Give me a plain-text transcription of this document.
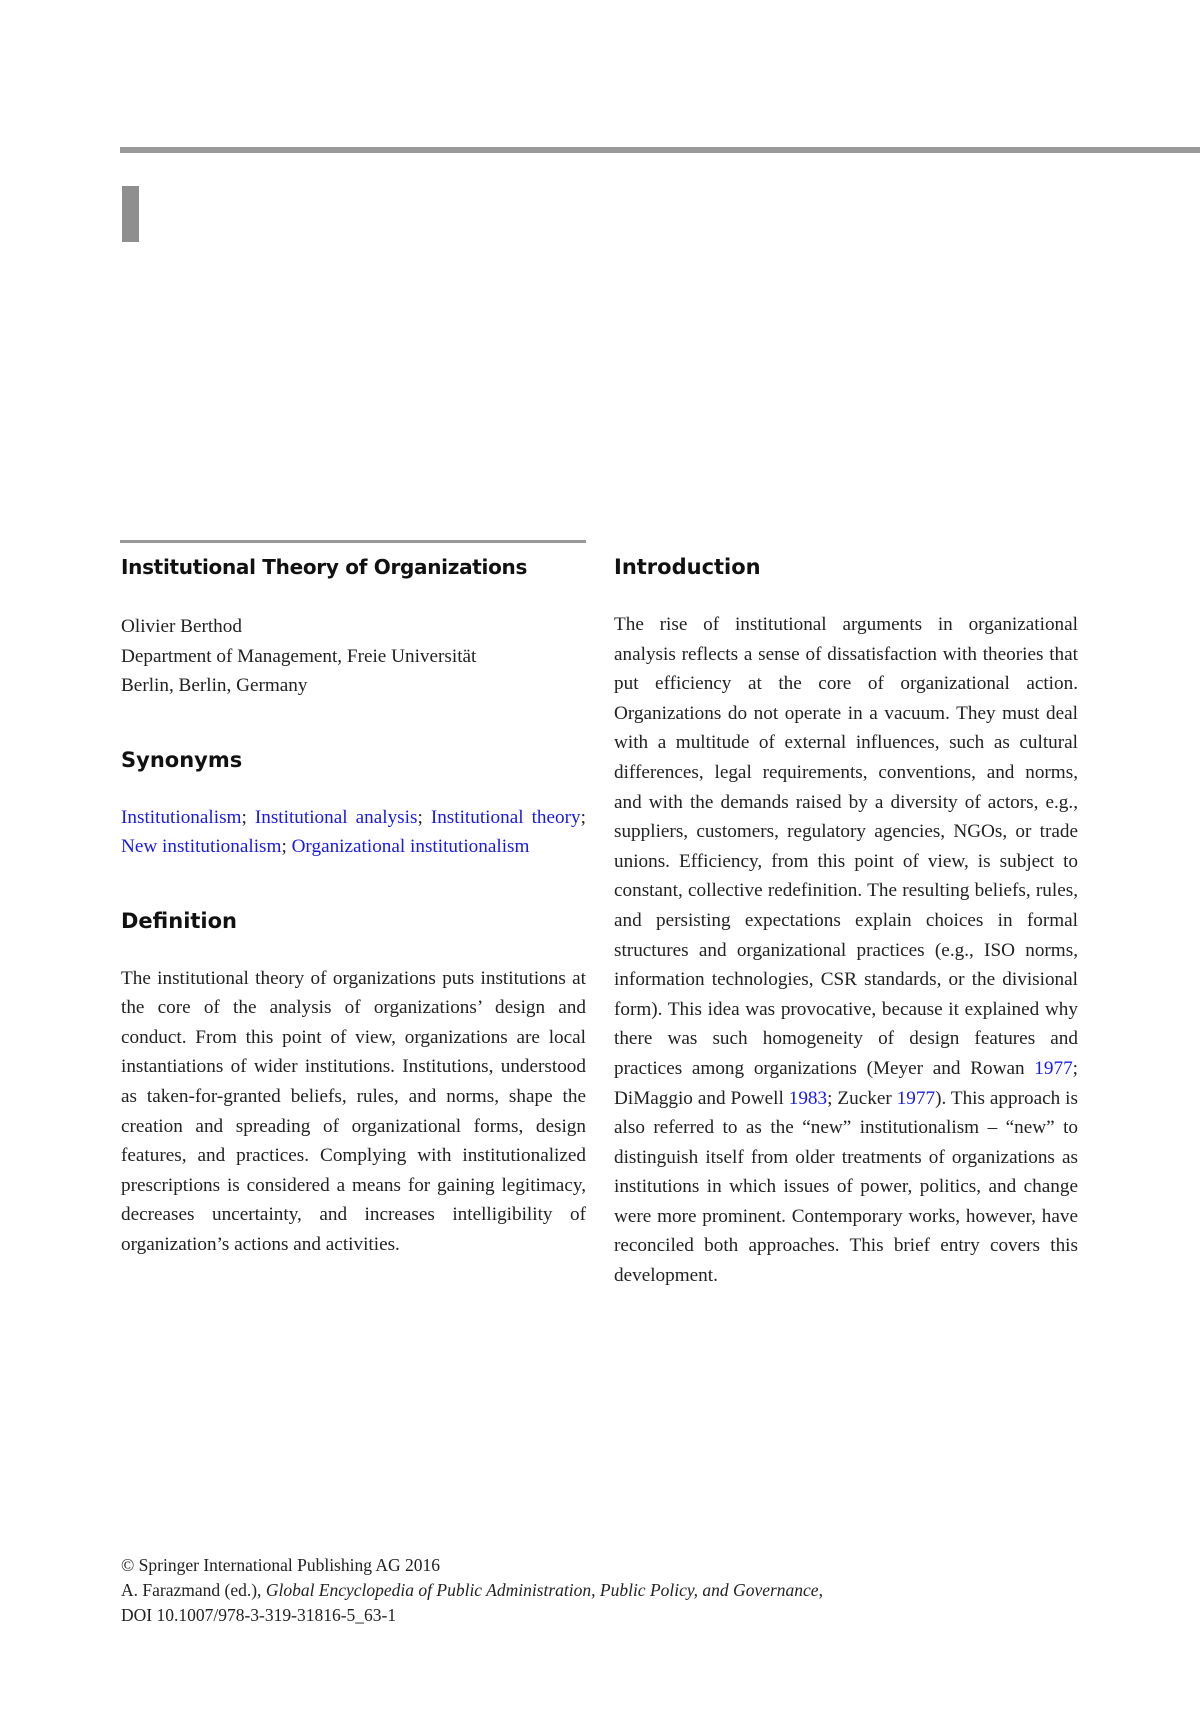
Institutional Theory of Organizations
Olivier Berthod
Department of Management, Freie Universität
Berlin, Berlin, Germany
Synonyms
Institutionalism; Institutional analysis; Institutional theory; New institutionalism; Organizational institutionalism
Definition

The institutional theory of organizations puts institutions at the core of the analysis of organizations’ design and conduct. From this point of view, organizations are local instantiations of wider institutions. Institutions, understood as taken-for-granted beliefs, rules, and norms, shape the creation and spreading of organizational forms, design features, and practices. Complying with institutionalized prescriptions is considered a means for gaining legitimacy, decreases uncertainty, and increases intelligibility of organization’s actions and activities.

Introduction

The rise of institutional arguments in organizational analysis reflects a sense of dissatisfaction with theories that put efficiency at the core of organizational action. Organizations do not operate in a vacuum. They must deal with a multitude of external influences, such as cultural differences, legal requirements, conventions, and norms, and with the demands raised by a diversity of actors, e.g., suppliers, customers, regulatory agencies, NGOs, or trade unions. Efficiency, from this point of view, is subject to constant, collective redefinition. The resulting beliefs, rules, and persisting expectations explain choices in formal structures and organizational practices (e.g., ISO norms, information technologies, CSR standards, or the divisional form). This idea was provocative, because it explained why there was such homogeneity of design features and practices among organizations (Meyer and Rowan 1977; DiMaggio and Powell 1983; Zucker 1977). This approach is also referred to as the “new” institutionalism – “new” to distinguish itself from older treatments of organizations as institutions in which issues of power, politics, and change were more prominent. Contemporary works, however, have reconciled both approaches. This brief entry covers this development.

© Springer International Publishing AG 2016
A. Farazmand (ed.), Global Encyclopedia of Public Administration, Public Policy, and Governance,
DOI 10.1007/978-3-319-31816-5_63-1
